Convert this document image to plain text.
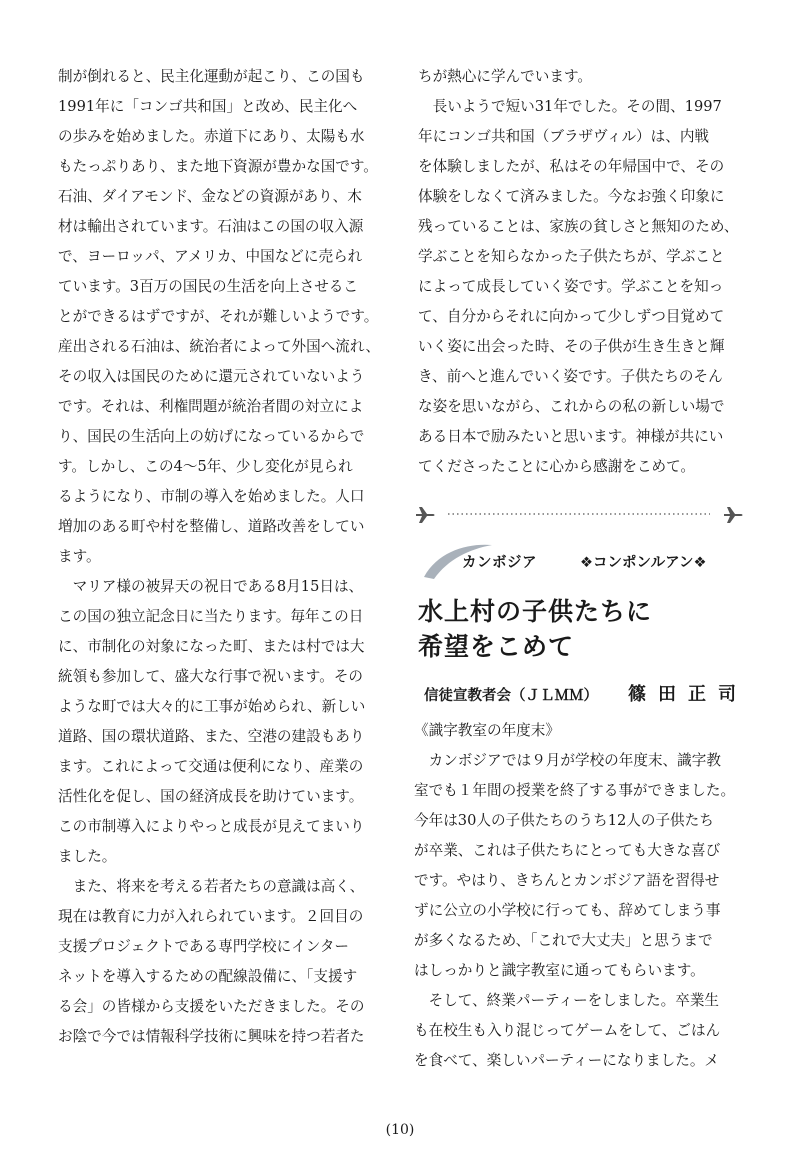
制が倒れると、民主化運動が起こり、この国も
1991年に「コンゴ共和国」と改め、民主化へ
の歩みを始めました。赤道下にあり、太陽も水
もたっぷりあり、また地下資源が豊かな国です。
石油、ダイアモンド、金などの資源があり、木
材は輸出されています。石油はこの国の収入源
で、ヨーロッパ、アメリカ、中国などに売られ
ています。3百万の国民の生活を向上させるこ
とができるはずですが、それが難しいようです。
産出される石油は、統治者によって外国へ流れ、
その収入は国民のために還元されていないよう
です。それは、利権問題が統治者間の対立によ
り、国民の生活向上の妨げになっているからで
す。しかし、この4〜5年、少し変化が見られ
るようになり、市制の導入を始めました。人口
増加のある町や村を整備し、道路改善をしてい
ます。
　マリア様の被昇天の祝日である8月15日は、
この国の独立記念日に当たります。毎年この日
に、市制化の対象になった町、または村では大
統領も参加して、盛大な行事で祝います。その
ような町では大々的に工事が始められ、新しい
道路、国の環状道路、また、空港の建設もあり
ます。これによって交通は便利になり、産業の
活性化を促し、国の経済成長を助けています。
この市制導入によりやっと成長が見えてまいり
ました。
　また、将来を考える若者たちの意識は高く、
現在は教育に力が入れられています。２回目の
支援プロジェクトである専門学校にインター
ネットを導入するための配線設備に、「支援す
る会」の皆様から支援をいただきました。その
お陰で今では情報科学技術に興味を持つ若者た
ちが熱心に学んでいます。
　長いようで短い31年でした。その間、1997
年にコンゴ共和国（ブラザヴィル）は、内戦
を体験しましたが、私はその年帰国中で、その
体験をしなくて済みました。今なお強く印象に
残っていることは、家族の貧しさと無知のため、
学ぶことを知らなかった子供たちが、学ぶこと
によって成長していく姿です。学ぶことを知っ
て、自分からそれに向かって少しずつ目覚めて
いく姿に出会った時、その子供が生き生きと輝
き、前へと進んでいく姿です。子供たちのそん
な姿を思いながら、これからの私の新しい場で
ある日本で励みたいと思います。神様が共にい
てくださったことに心から感謝をこめて。
カンボジア	❖コンポンルアン❖
水上村の子供たちに
希望をこめて
信徒宣教者会（ＪＬＭＭ） 篠田正司
《識字教室の年度末》
　カンボジアでは９月が学校の年度末、識字教
室でも１年間の授業を終了する事ができました。
今年は30人の子供たちのうち12人の子供たち
が卒業、これは子供たちにとっても大きな喜び
です。やはり、きちんとカンボジア語を習得せ
ずに公立の小学校に行っても、辞めてしまう事
が多くなるため、「これで大丈夫」と思うまで
はしっかりと識字教室に通ってもらいます。
　そして、終業パーティーをしました。卒業生
も在校生も入り混じってゲームをして、ごはん
を食べて、楽しいパーティーになりました。メ
(10)
